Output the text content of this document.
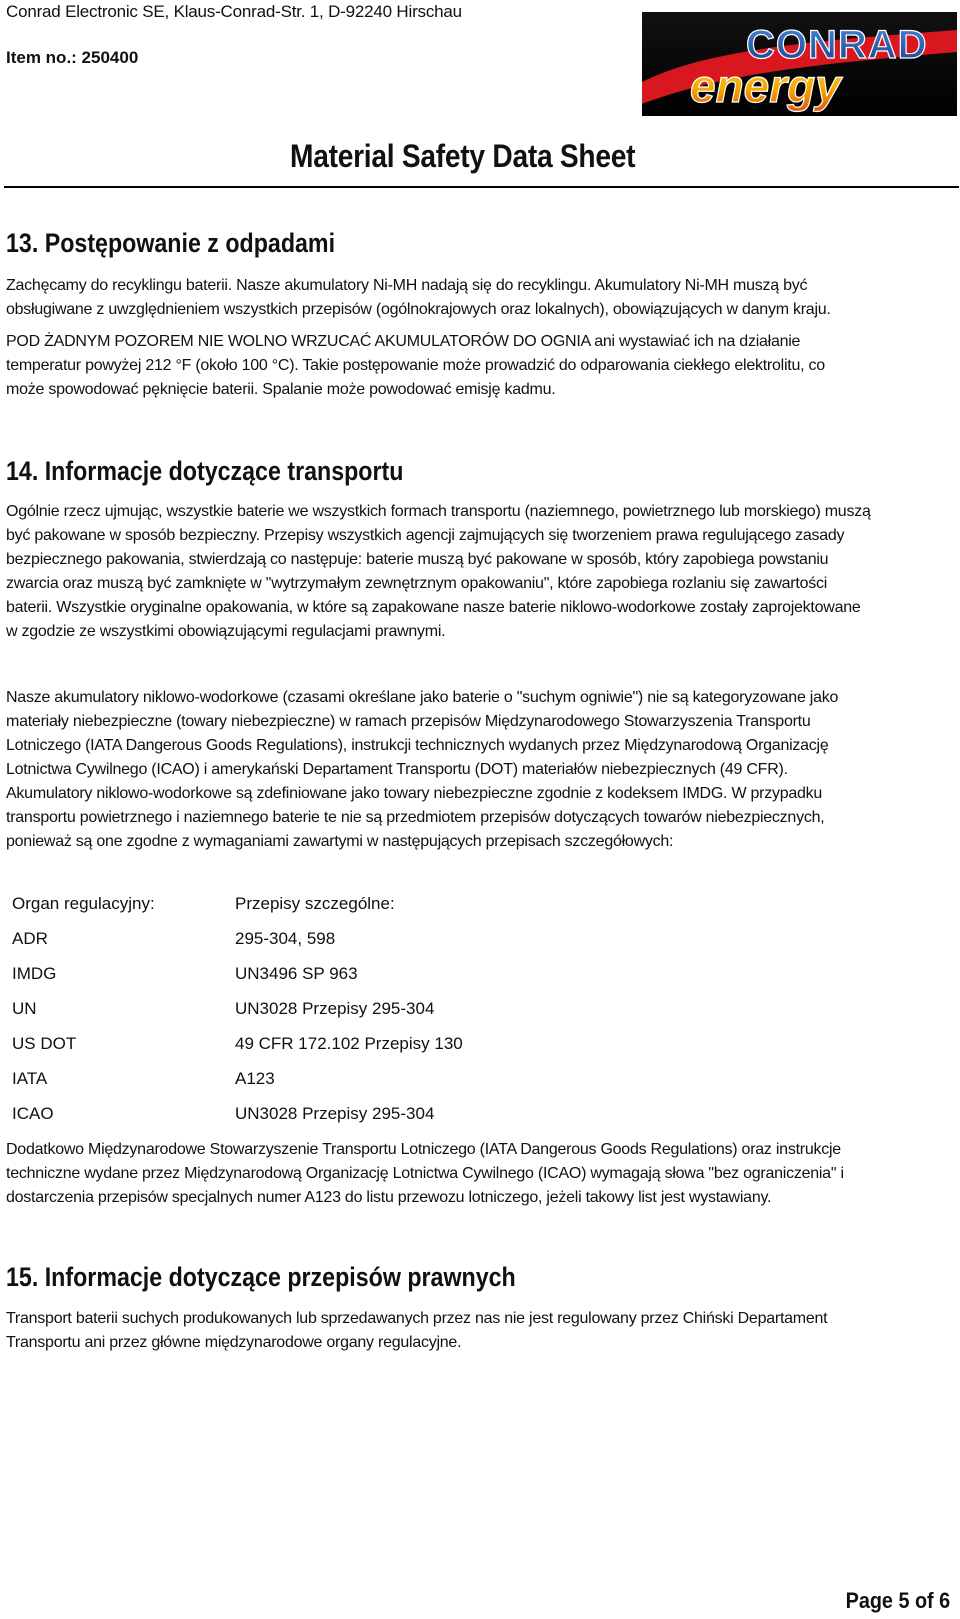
Conrad Electronic SE, Klaus-Conrad-Str. 1, D-92240 Hirschau
Item no.: 250400	CONRAD
energy
Material Safety Data Sheet
13. Postępowanie z odpadami
Zachęcamy do recyklingu baterii. Nasze akumulatory Ni-MH nadają się do recyklingu. Akumulatory Ni-MH muszą być
obsługiwane z uwzględnieniem wszystkich przepisów (ogólnokrajowych oraz lokalnych), obowiązujących w danym kraju.
POD ŻADNYM POZOREM NIE WOLNO WRZUCAĆ AKUMULATORÓW DO OGNIA ani wystawiać ich na działanie
temperatur powyżej 212 °F (około 100 °C). Takie postępowanie może prowadzić do odparowania ciekłego elektrolitu, co
może spowodować pęknięcie baterii. Spalanie może powodować emisję kadmu.
14. Informacje dotyczące transportu
Ogólnie rzecz ujmując, wszystkie baterie we wszystkich formach transportu (naziemnego, powietrznego lub morskiego) muszą
być pakowane w sposób bezpieczny. Przepisy wszystkich agencji zajmujących się tworzeniem prawa regulującego zasady
bezpiecznego pakowania, stwierdzają co następuje: baterie muszą być pakowane w sposób, który zapobiega powstaniu
zwarcia oraz muszą być zamknięte w "wytrzymałym zewnętrznym opakowaniu", które zapobiega rozlaniu się zawartości
baterii. Wszystkie oryginalne opakowania, w które są zapakowane nasze baterie niklowo-wodorkowe zostały zaprojektowane
w zgodzie ze wszystkimi obowiązującymi regulacjami prawnymi.
Nasze akumulatory niklowo-wodorkowe (czasami określane jako baterie o "suchym ogniwie") nie są kategoryzowane jako
materiały niebezpieczne (towary niebezpieczne) w ramach przepisów Międzynarodowego Stowarzyszenia Transportu
Lotniczego (IATA Dangerous Goods Regulations), instrukcji technicznych wydanych przez Międzynarodową Organizację
Lotnictwa Cywilnego (ICAO) i amerykański Departament Transportu (DOT) materiałów niebezpiecznych (49 CFR).
Akumulatory niklowo-wodorkowe są zdefiniowane jako towary niebezpieczne zgodnie z kodeksem IMDG. W przypadku
transportu powietrznego i naziemnego baterie te nie są przedmiotem przepisów dotyczących towarów niebezpiecznych,
ponieważ są one zgodne z wymaganiami zawartymi w następujących przepisach szczegółowych:
Organ regulacyjny:	Przepisy szczególne:
ADR	295-304, 598
IMDG	UN3496 SP 963
UN	UN3028 Przepisy 295-304
US DOT	49 CFR 172.102 Przepisy 130
IATA	A123
ICAO	UN3028 Przepisy 295-304
Dodatkowo Międzynarodowe Stowarzyszenie Transportu Lotniczego (IATA Dangerous Goods Regulations) oraz instrukcje
techniczne wydane przez Międzynarodową Organizację Lotnictwa Cywilnego (ICAO) wymagają słowa "bez ograniczenia" i
dostarczenia przepisów specjalnych numer A123 do listu przewozu lotniczego, jeżeli takowy list jest wystawiany.
15. Informacje dotyczące przepisów prawnych
Transport baterii suchych produkowanych lub sprzedawanych przez nas nie jest regulowany przez Chiński Departament
Transportu ani przez główne międzynarodowe organy regulacyjne.
Page 5 of 6
